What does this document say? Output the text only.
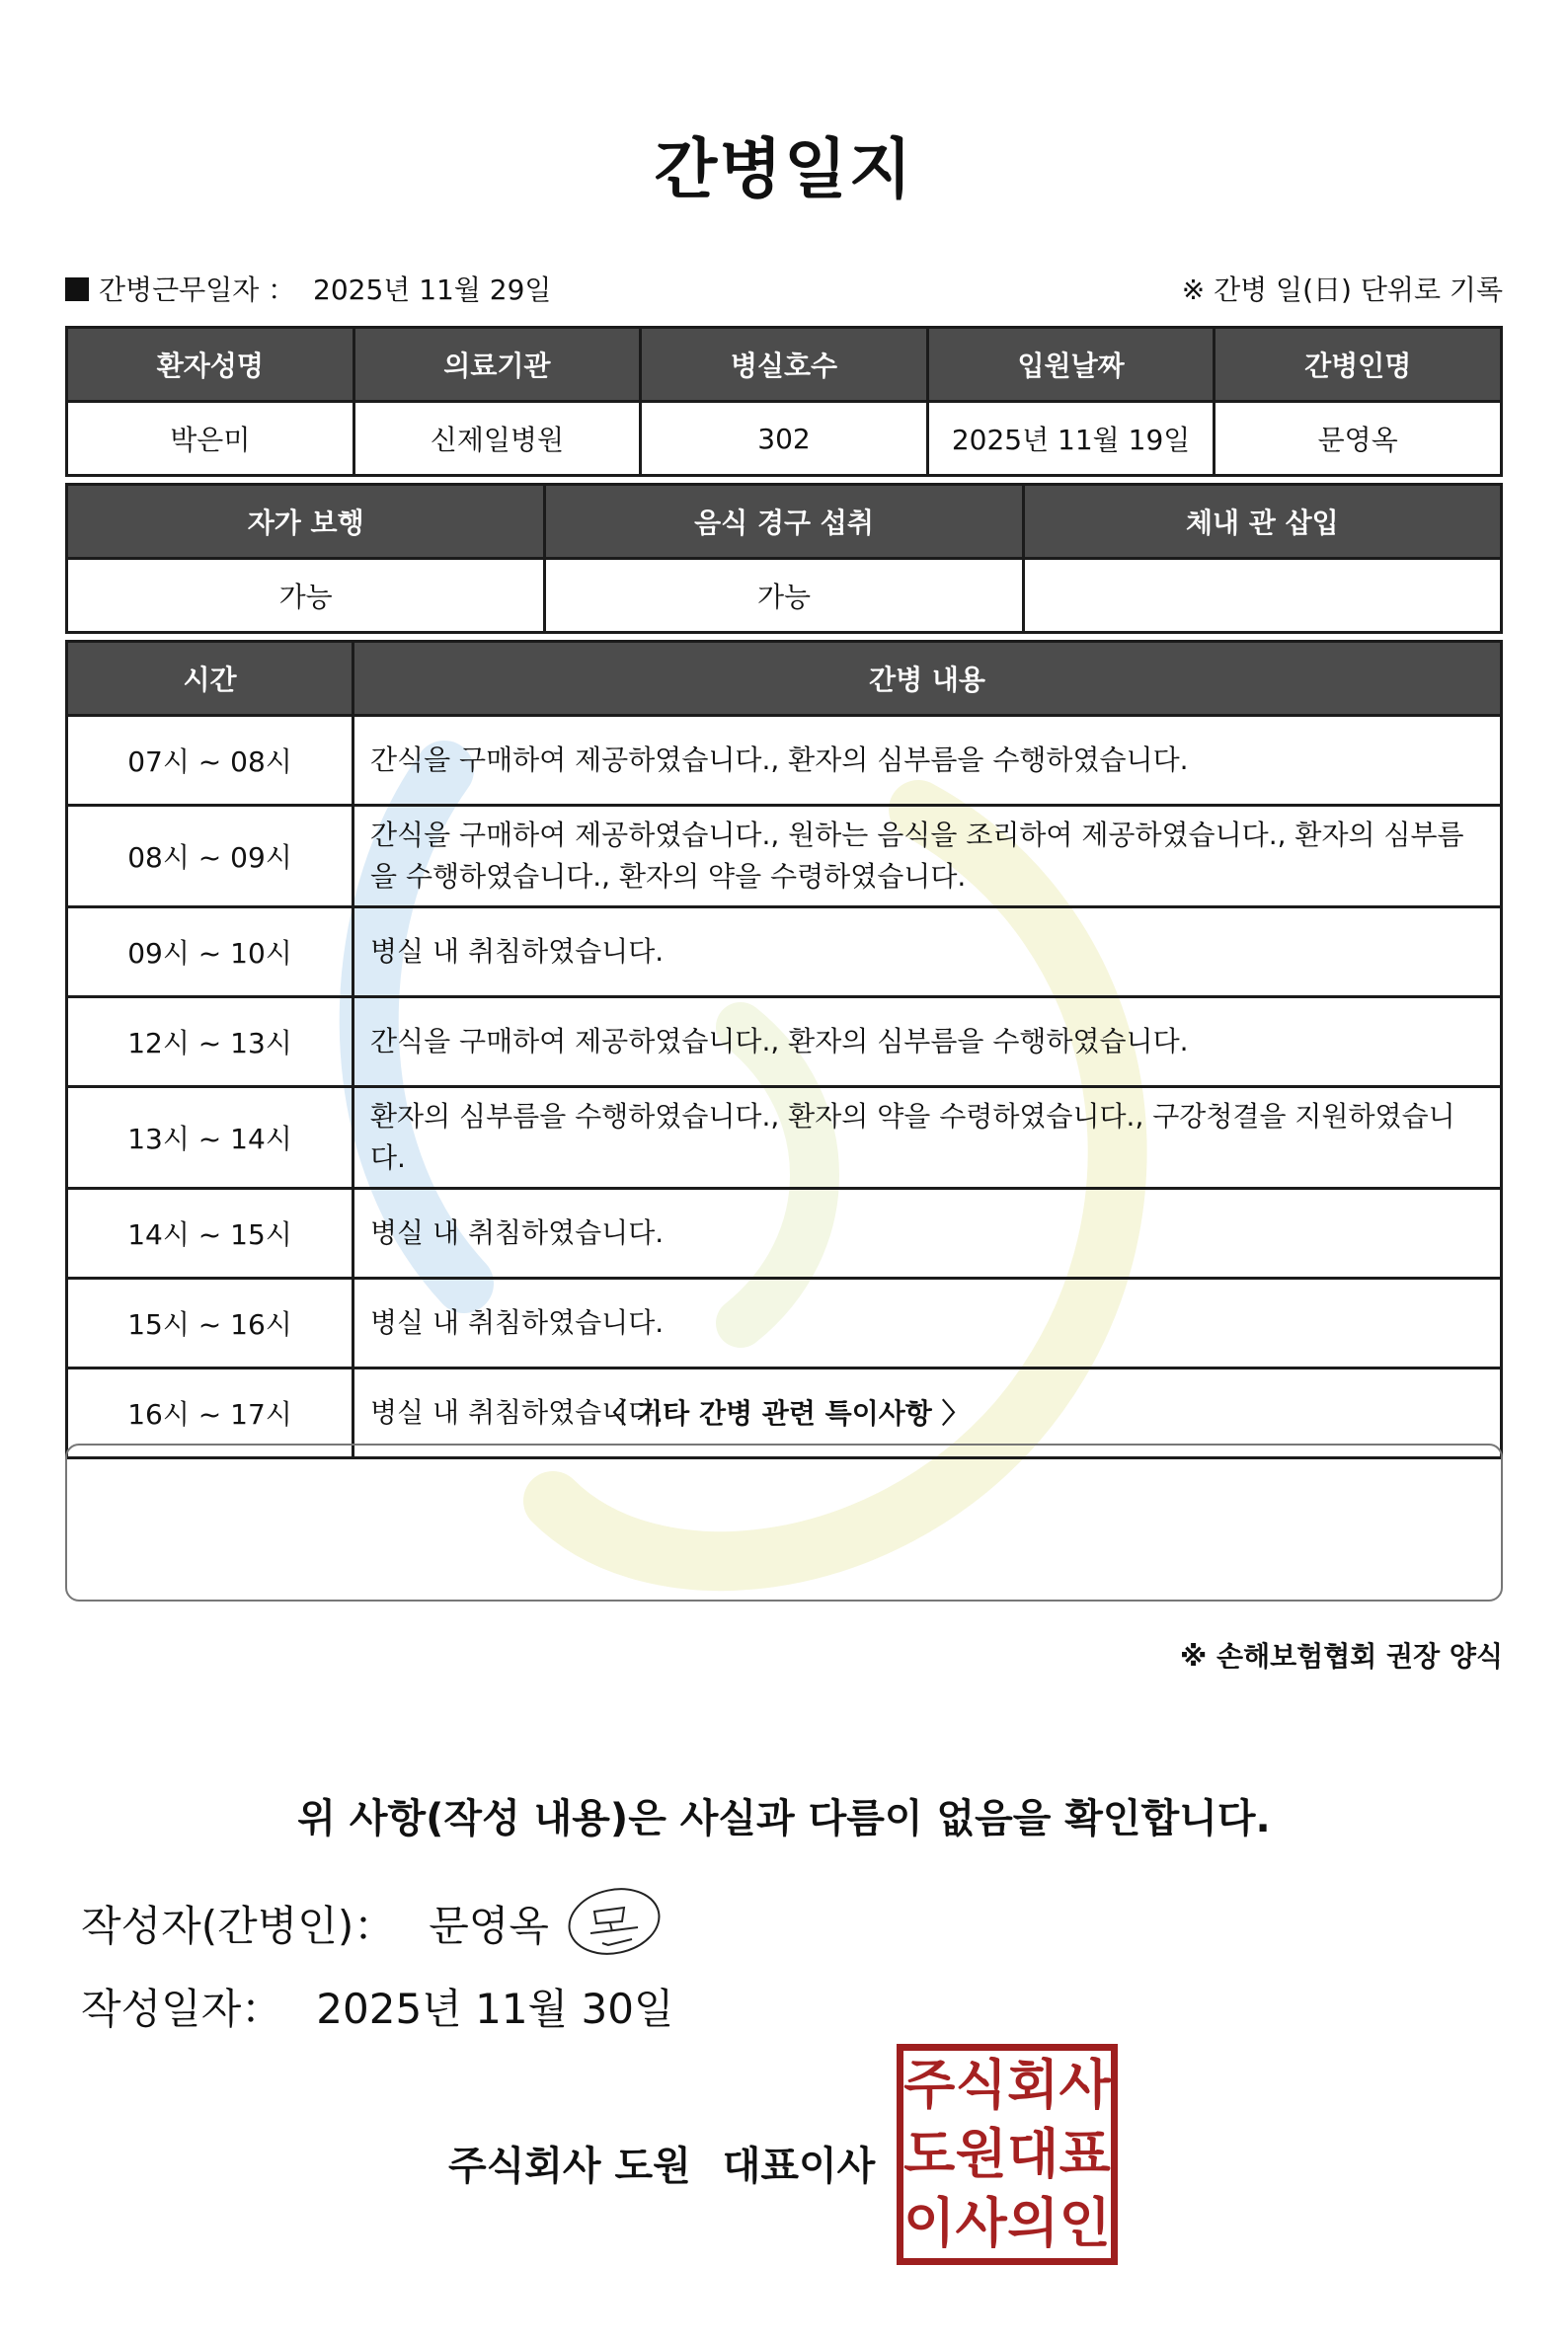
간병일지
간병근무일자 ： 2025년 11월 29일	※ 간병 일(日) 단위로 기록
환자성명	의료기관	병실호수	입원날짜	간병인명
박은미	신제일병원	302	2025년 11월 19일	문영옥
자가 보행	음식 경구 섭취	체내 관 삽입
가능	가능	
시간	간병 내용
07시 ~ 08시	간식을 구매하여 제공하였습니다., 환자의 심부름을 수행하였습니다.
08시 ~ 09시	간식을 구매하여 제공하였습니다., 원하는 음식을 조리하여 제공하였습니다., 환자의 심부름을 수행하였습니다., 환자의 약을 수령하였습니다.
09시 ~ 10시	병실 내 취침하였습니다.
12시 ~ 13시	간식을 구매하여 제공하였습니다., 환자의 심부름을 수행하였습니다.
13시 ~ 14시	환자의 심부름을 수행하였습니다., 환자의 약을 수령하였습니다., 구강청결을 지원하였습니다.
14시 ~ 15시	병실 내 취침하였습니다.
15시 ~ 16시	병실 내 취침하였습니다.
16시 ~ 17시	병실 내 취침하였습니다.
〈 기타 간병 관련 특이사항 〉
※ 손해보험협회 권장 양식
위 사항(작성 내용)은 사실과 다름이 없음을 확인합니다.
작성자(간병인)： 문영옥
작성일자： 2025년 11월 30일
주식회사 도원 대표이사
주 식 회 사
도 원 대 표
이 사 의 인
